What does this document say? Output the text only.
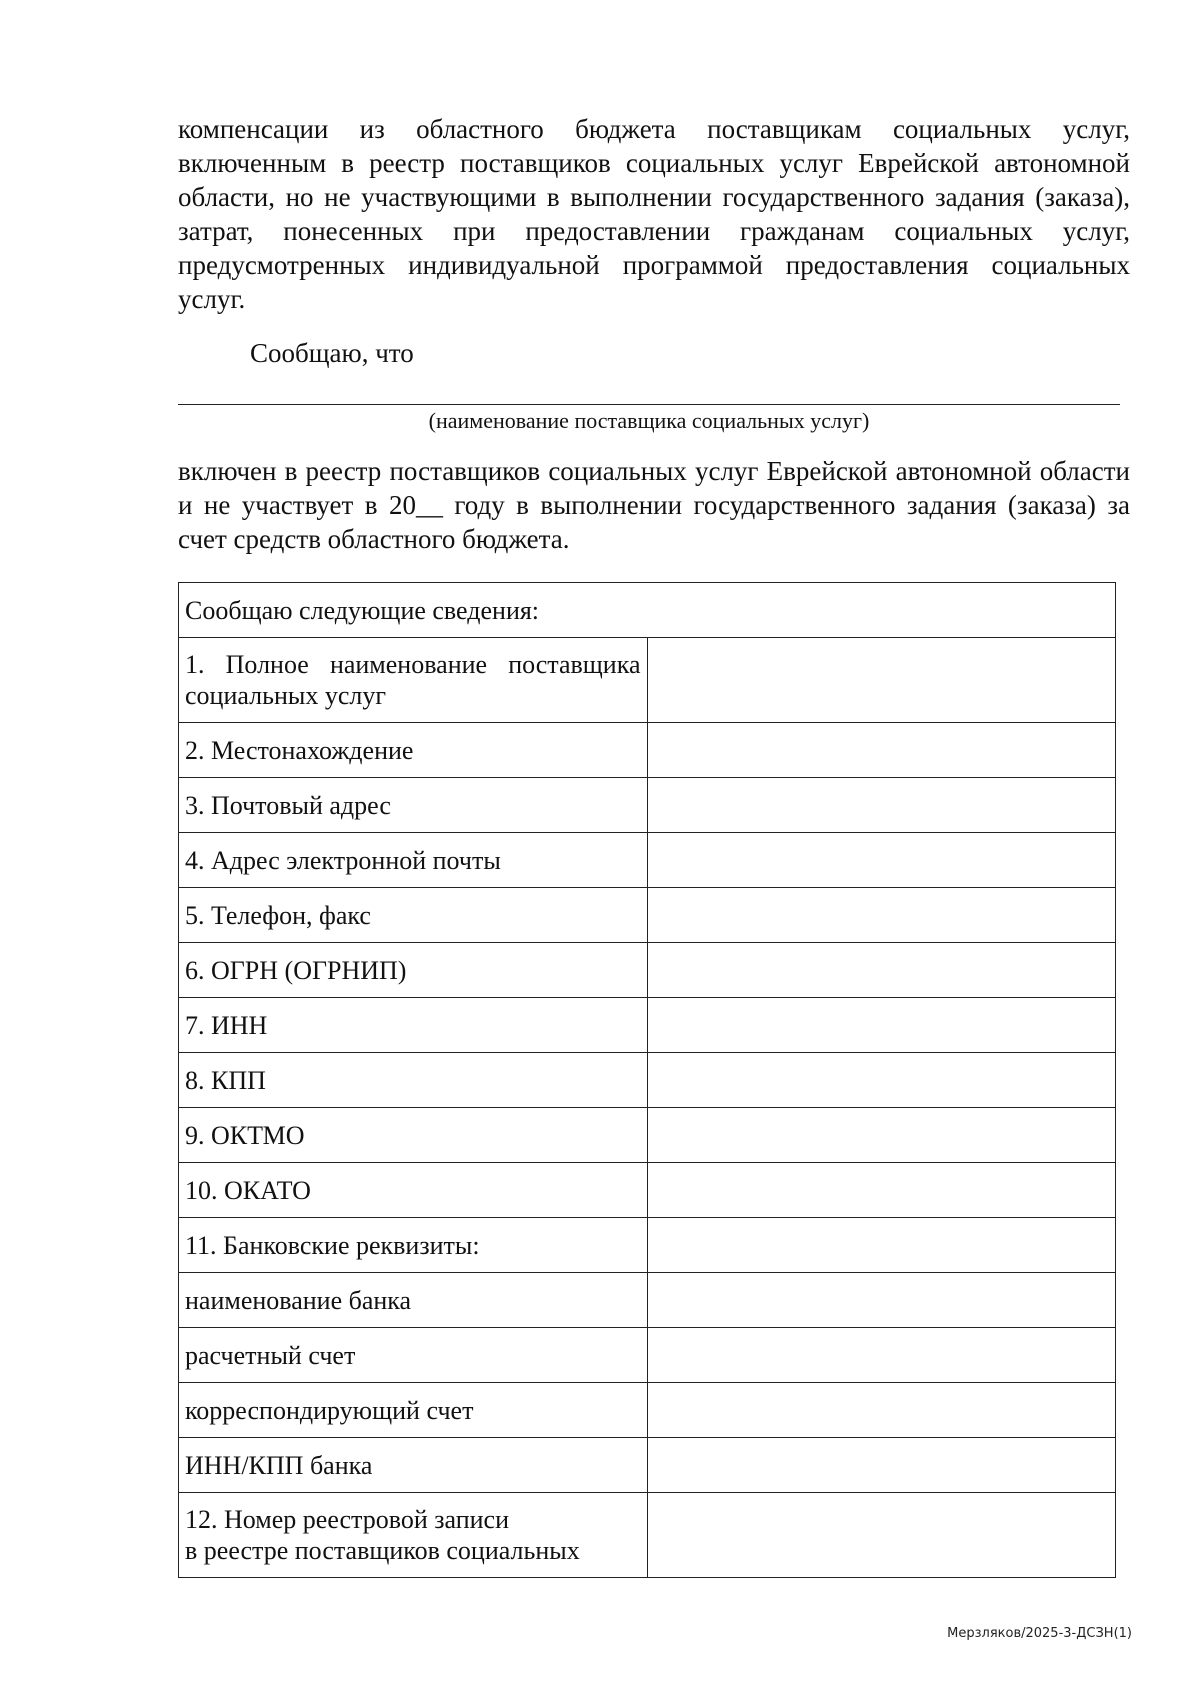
компенсации из областного бюджета поставщикам социальных услуг, включенным в реестр поставщиков социальных услуг Еврейской автономной области, но не участвующими в выполнении государственного задания (заказа), затрат, понесенных при предоставлении гражданам социальных услуг, предусмотренных индивидуальной программой предоставления социальных услуг.

Сообщаю, что

(наименование поставщика социальных услуг)

включен в реестр поставщиков социальных услуг Еврейской автономной области и не участвует в 20__ году в выполнении государственного задания (заказа) за счет средств областного бюджета.

Сообщаю следующие сведения:	
1. Полное наименование поставщика социальных услуг	
2. Местонахождение	
3. Почтовый адрес	
4. Адрес электронной почты	
5. Телефон, факс	
6. ОГРН (ОГРНИП)	
7. ИНН	
8. КПП	
9. ОКТМО	
10. ОКАТО	
11. Банковские реквизиты:	
наименование банка	
расчетный счет	
корреспондирующий счет	
ИНН/КПП банка	
12. Номер реестровой записи
в реестре поставщиков социальных	
Мерзляков/2025-3-ДСЗН(1)
